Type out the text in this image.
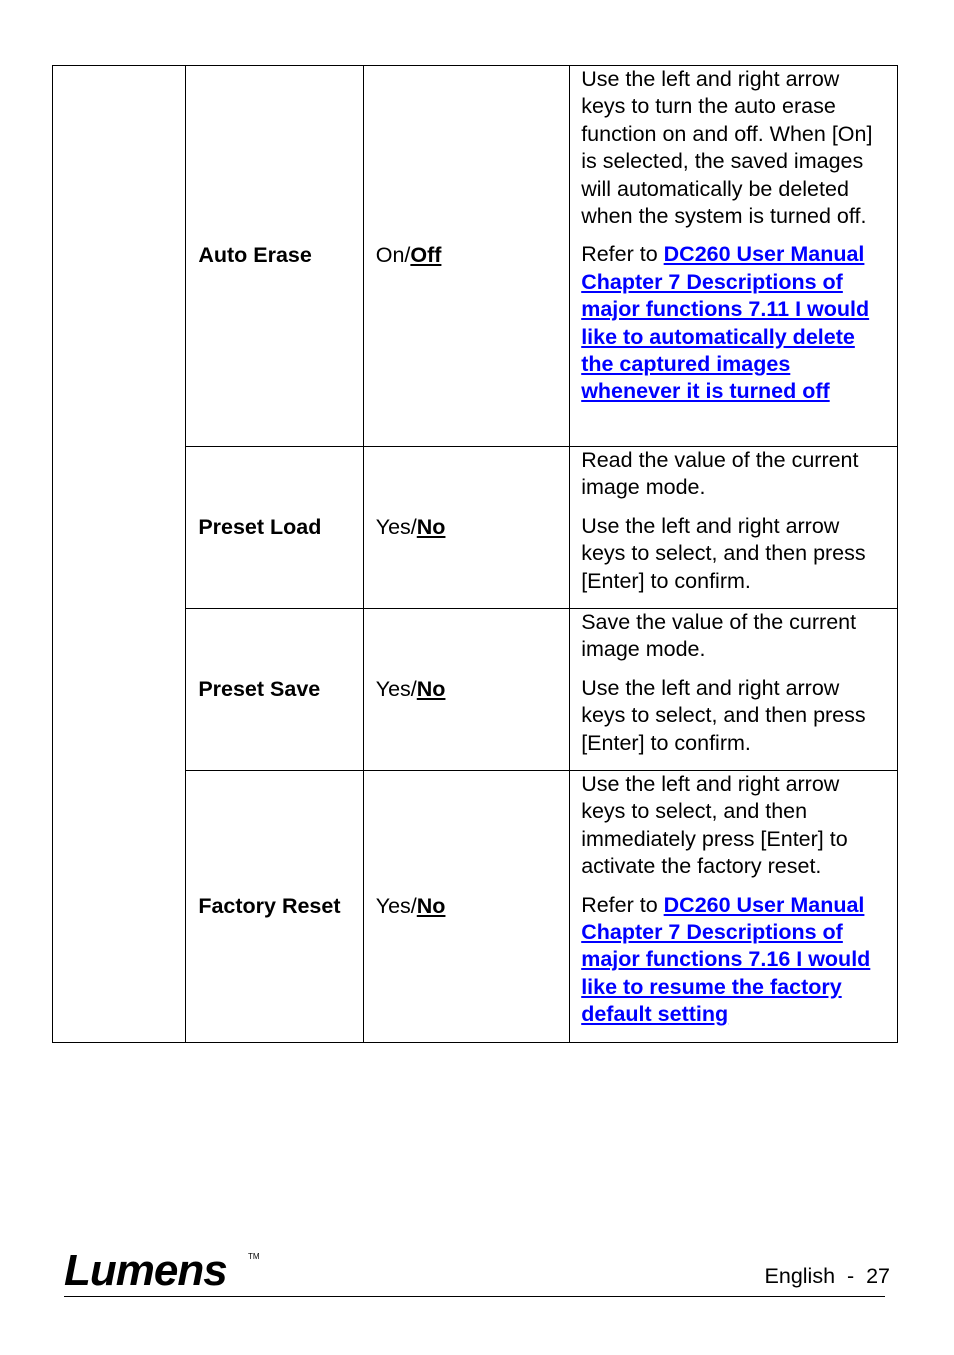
	Auto Erase	On/Off	Use the left and right arrow keys to turn the auto erase function on and off. When [On] is selected, the saved images will automatically be deleted when the system is turned off.

Refer to DC260 User Manual Chapter 7 Descriptions of major functions 7.11 I would like to automatically delete the captured images whenever it is turned off

	Preset Load	Yes/No	Read the value of the current image mode.

Use the left and right arrow keys to select, and then press [Enter] to confirm.

	Preset Save	Yes/No	Save the value of the current image mode.

Use the left and right arrow keys to select, and then press [Enter] to confirm.

	Factory Reset	Yes/No	Use the left and right arrow keys to select, and then immediately press [Enter] to activate the factory reset.

Refer to DC260 User Manual Chapter 7 Descriptions of major functions 7.16 I would like to resume the factory default setting

Lumens	TM
English  -  27
